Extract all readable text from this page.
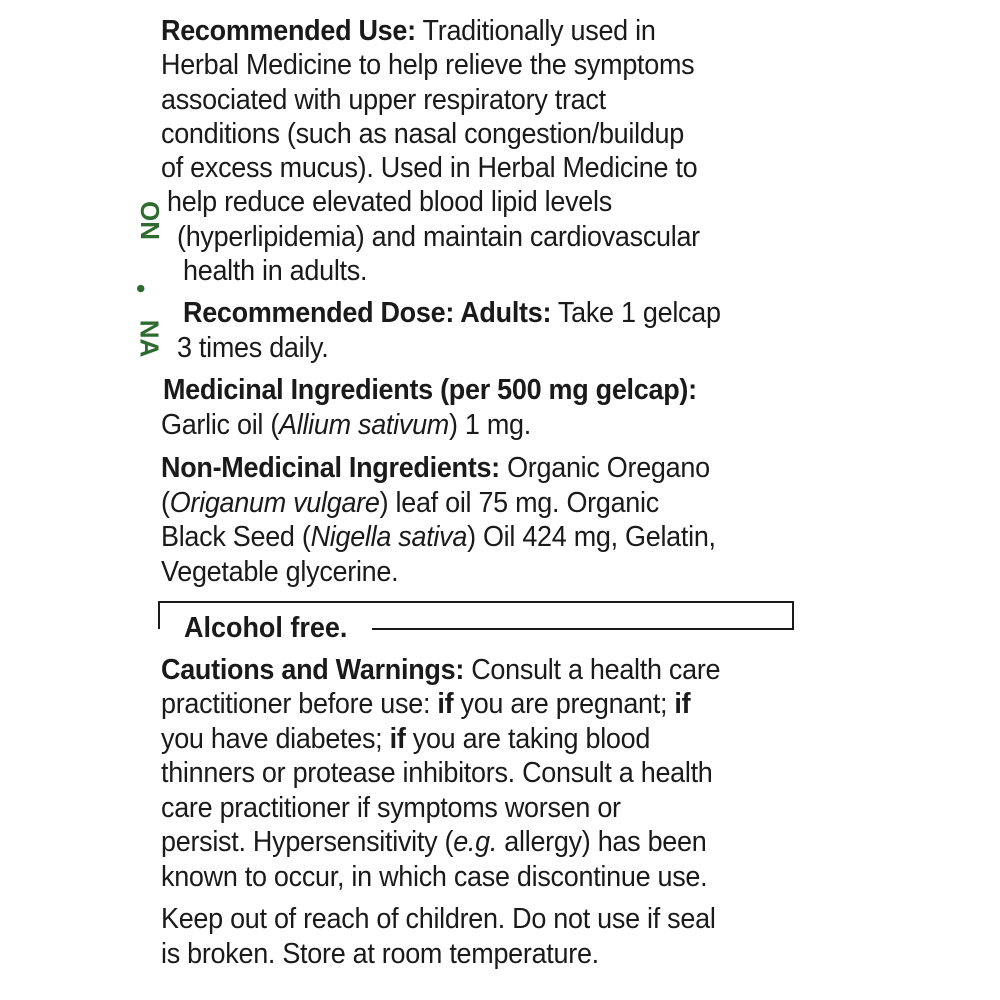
ON
•
NA
Recommended Use: Traditionally used in
Herbal Medicine to help relieve the symptoms
associated with upper respiratory tract
conditions (such as nasal congestion/buildup
of excess mucus). Used in Herbal Medicine to
help reduce elevated blood lipid levels
(hyperlipidemia) and maintain cardiovascular
health in adults.
Recommended Dose: Adults: Take 1 gelcap
3 times daily.
Medicinal Ingredients (per 500 mg gelcap):
Garlic oil (Allium sativum) 1 mg.
Non-Medicinal Ingredients: Organic Oregano
(Origanum vulgare) leaf oil 75 mg. Organic
Black Seed (Nigella sativa) Oil 424 mg, Gelatin,
Vegetable glycerine.
Alcohol free.
Cautions and Warnings: Consult a health care
practitioner before use: if you are pregnant; if
you have diabetes; if you are taking blood
thinners or protease inhibitors. Consult a health
care practitioner if symptoms worsen or
persist. Hypersensitivity (e.g. allergy) has been
known to occur, in which case discontinue use.
Keep out of reach of children. Do not use if seal
is broken. Store at room temperature.
